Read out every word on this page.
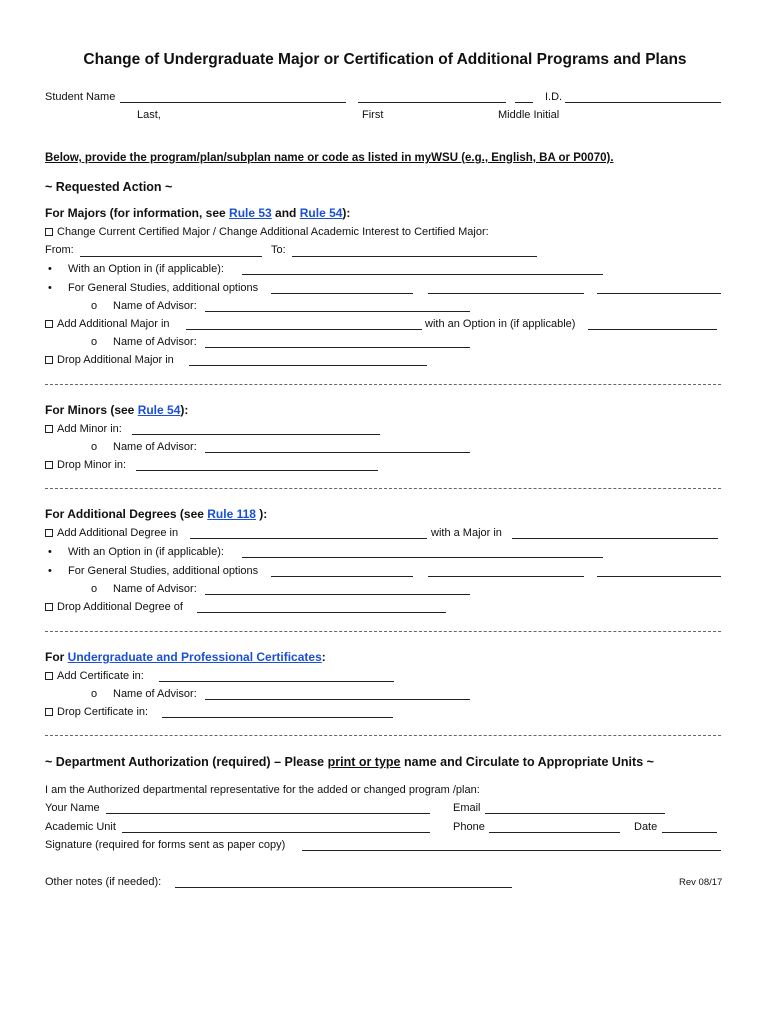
Change of Undergraduate Major or Certification of Additional Programs and Plans
Student Name	I.D.
Last,	First	Middle Initial
Below, provide the program/plan/subplan name or code as listed in myWSU (e.g., English, BA or P0070).
~ Requested Action ~
For Majors (for information, see Rule 53 and Rule 54):
Change Current Certified Major / Change Additional Academic Interest to Certified Major:
From:	To:
• With an Option in (if applicable):
• For General Studies, additional options
o Name of Advisor:
Add Additional Major in	with an Option in (if applicable)
o Name of Advisor:
Drop Additional Major in
For Minors (see Rule 54):
Add Minor in:
o Name of Advisor:
Drop Minor in:
For Additional Degrees (see Rule 118 ):
Add Additional Degree in	with a Major in
• With an Option in (if applicable):
• For General Studies, additional options
o Name of Advisor:
Drop Additional Degree of
For Undergraduate and Professional Certificates:
Add Certificate in:
o Name of Advisor:
Drop Certificate in:
~ Department Authorization (required) – Please print or type name and Circulate to Appropriate Units ~
I am the Authorized departmental representative for the added or changed program /plan:
Your Name	Email
Academic Unit	Phone	Date
Signature (required for forms sent as paper copy)
Other notes (if needed):	Rev 08/17
